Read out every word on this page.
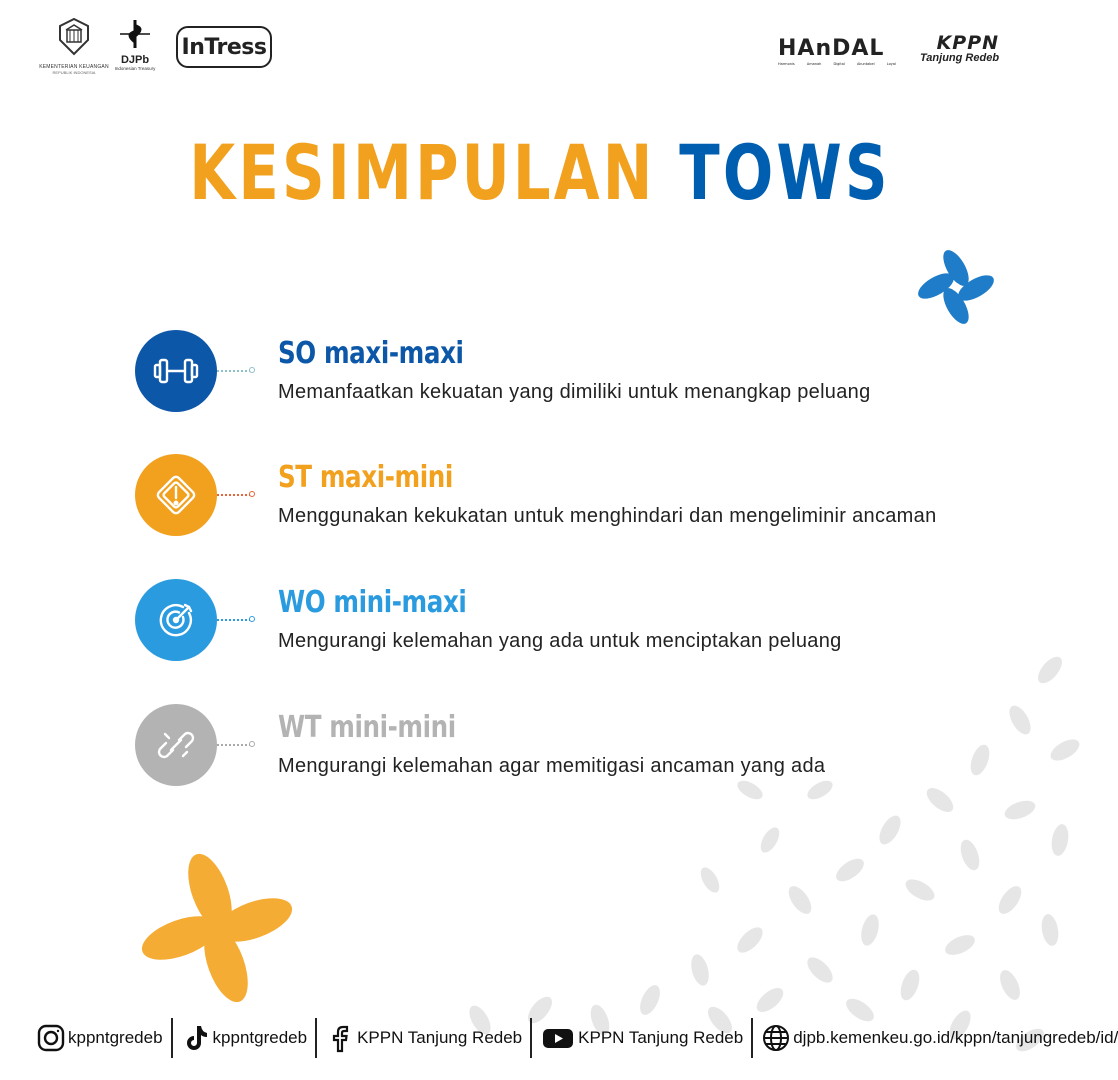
KEMENTERIAN KEUANGAN
REPUBLIK INDONESIA
DJPb
Indonesian Treasury
InTress	HAnDAL
Harmonis	Amanah	Digital	Akuntabel	Loyal
KPPN
Tanjung Redeb
KESIMPULAN TOWS
SO maxi-maxi
Memanfaatkan kekuatan yang dimiliki untuk menangkap peluang
ST maxi-mini
Menggunakan kekukatan untuk menghindari dan mengeliminir ancaman
WO mini-maxi
Mengurangi kelemahan yang ada untuk menciptakan peluang
WT mini-mini
Mengurangi kelemahan agar memitigasi ancaman yang ada
kppntgredeb	kppntgredeb	KPPN Tanjung Redeb	KPPN Tanjung Redeb	djpb.kemenkeu.go.id/kppn/tanjungredeb/id/
